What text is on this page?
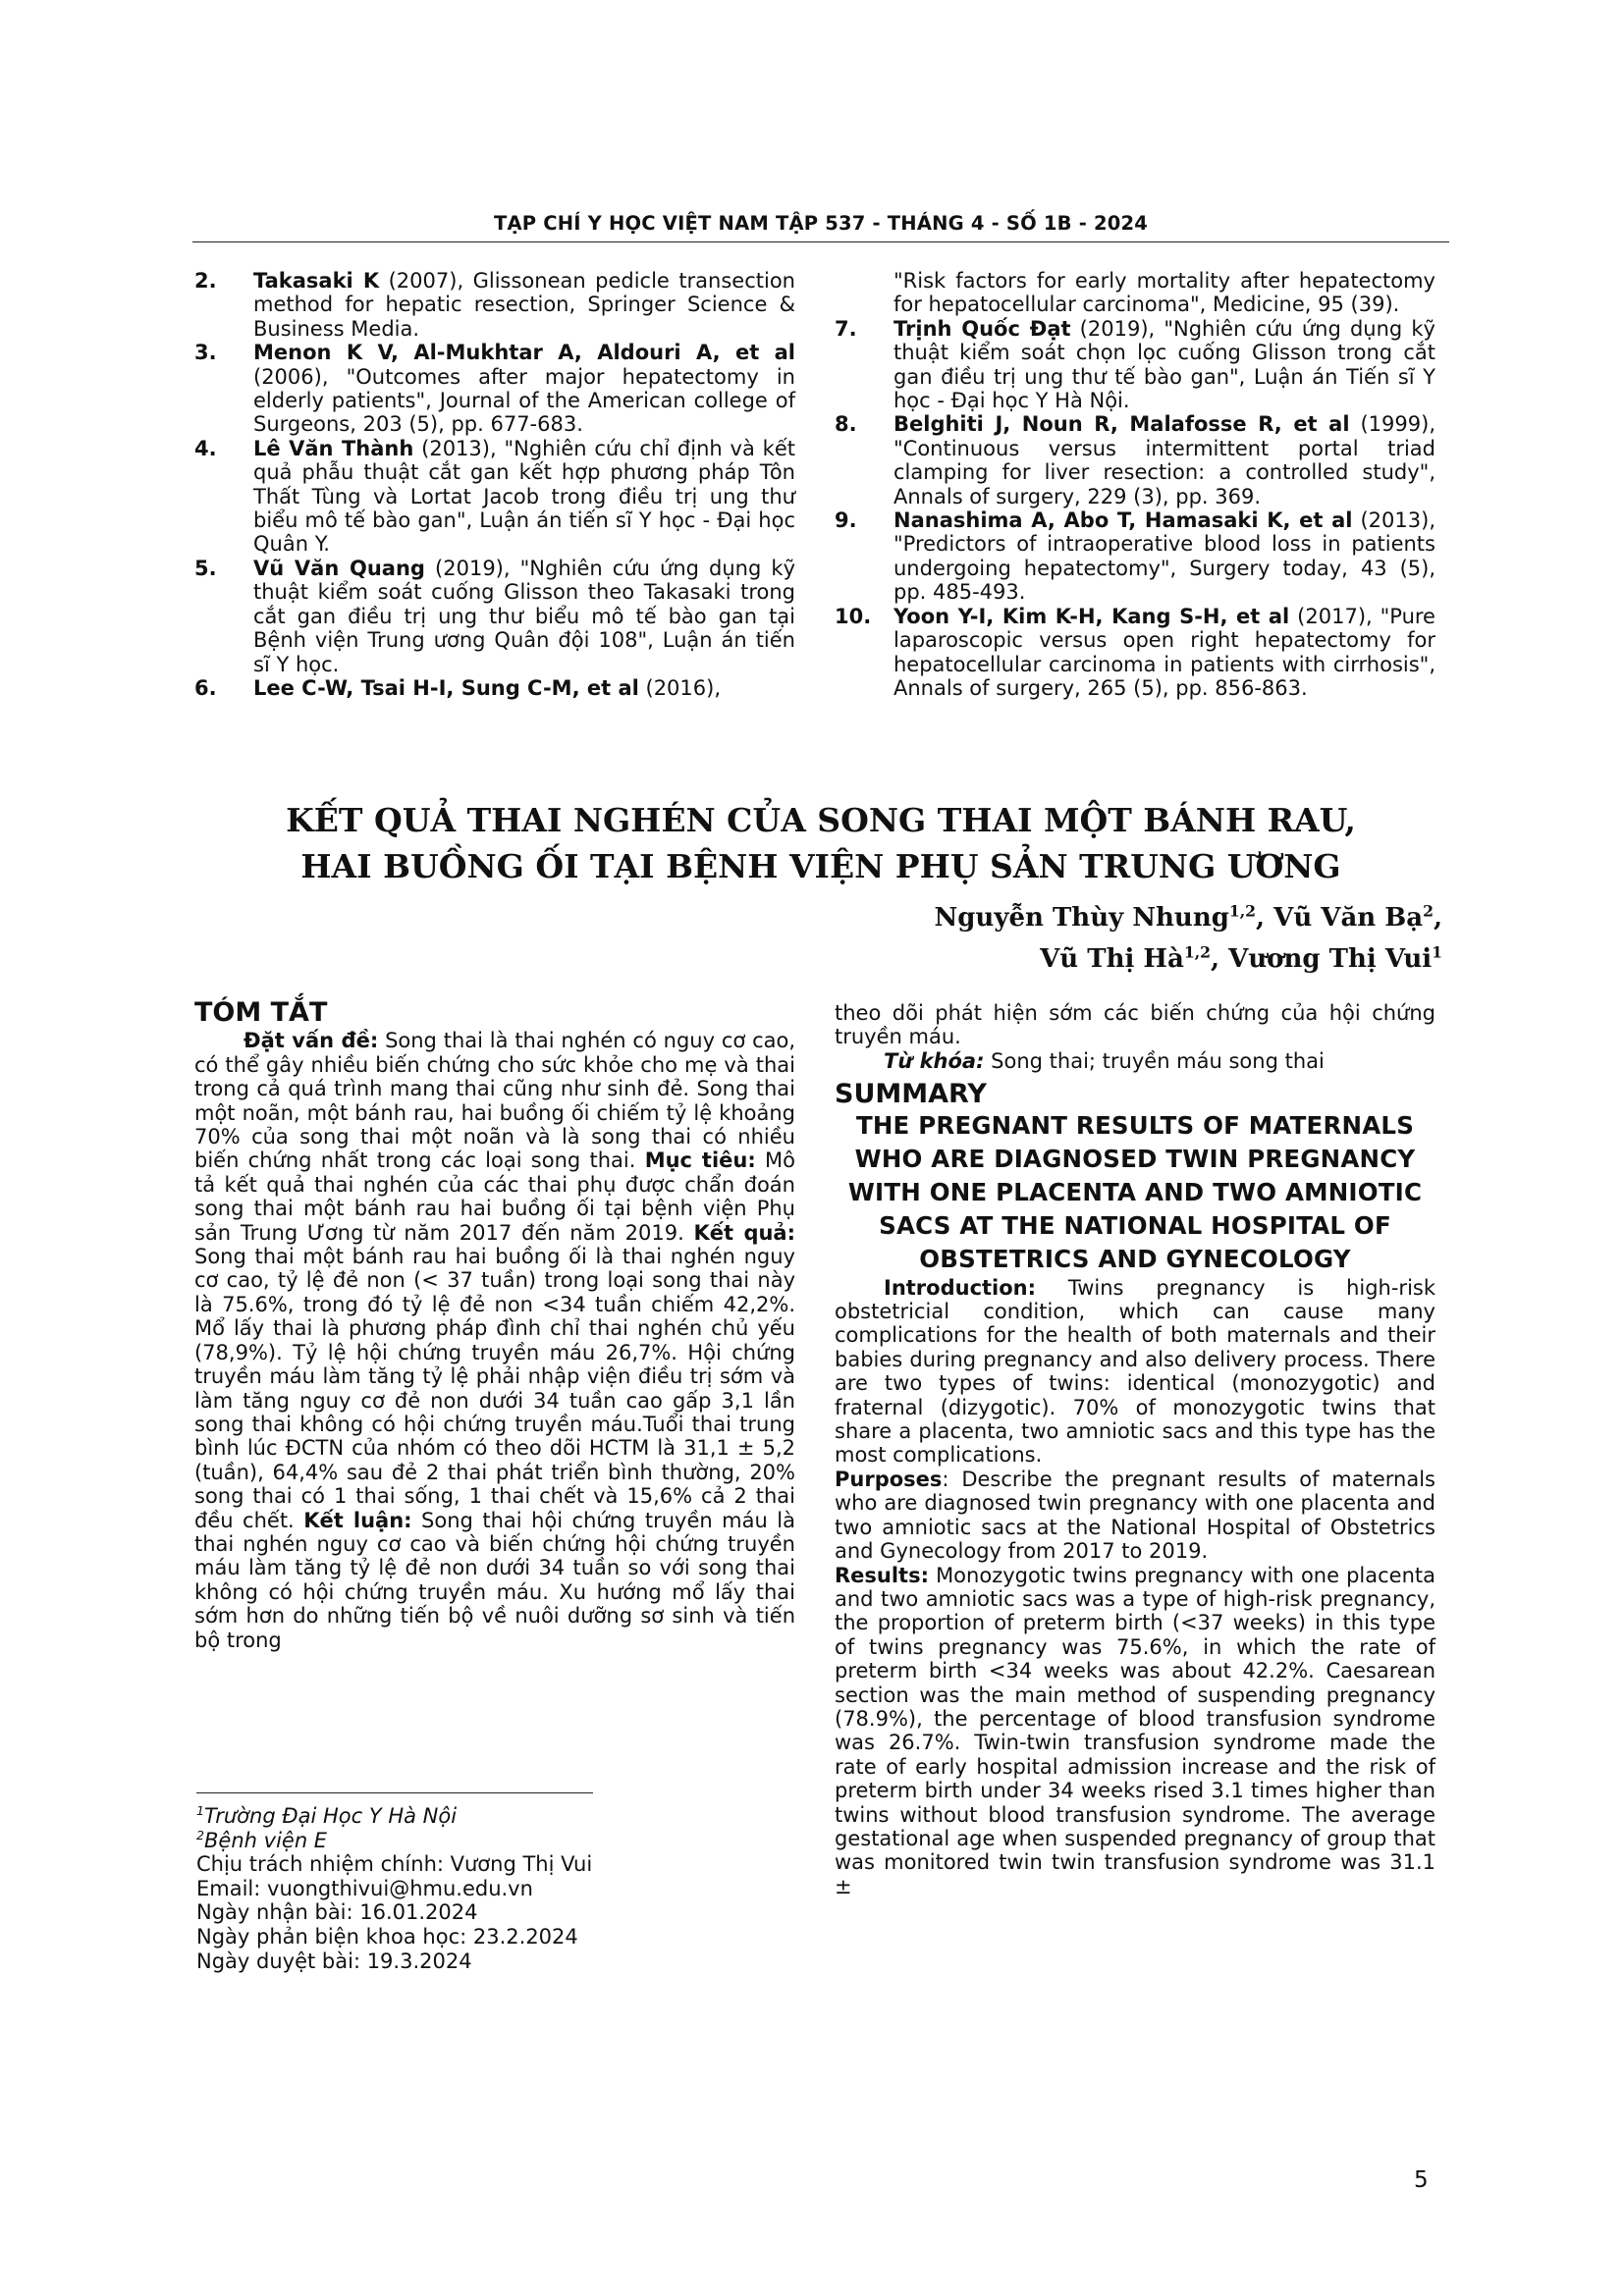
TẠP CHÍ Y HỌC VIỆT NAM TẬP 537 - THÁNG 4 - SỐ 1B - 2024
2. Takasaki K (2007), Glissonean pedicle transection method for hepatic resection, Springer Science & Business Media.
3. Menon K V, Al-Mukhtar A, Aldouri A, et al (2006), "Outcomes after major hepatectomy in elderly patients", Journal of the American college of Surgeons, 203 (5), pp. 677-683.
4. Lê Văn Thành (2013), "Nghiên cứu chỉ định và kết quả phẫu thuật cắt gan kết hợp phương pháp Tôn Thất Tùng và Lortat Jacob trong điều trị ung thư biểu mô tế bào gan", Luận án tiến sĩ Y học - Đại học Quân Y.
5. Vũ Văn Quang (2019), "Nghiên cứu ứng dụng kỹ thuật kiểm soát cuống Glisson theo Takasaki trong cắt gan điều trị ung thư biểu mô tế bào gan tại Bệnh viện Trung ương Quân đội 108", Luận án tiến sĩ Y học.
6. Lee C-W, Tsai H-I, Sung C-M, et al (2016),
"Risk factors for early mortality after hepatectomy for hepatocellular carcinoma", Medicine, 95 (39).
7. Trịnh Quốc Đạt (2019), "Nghiên cứu ứng dụng kỹ thuật kiểm soát chọn lọc cuống Glisson trong cắt gan điều trị ung thư tế bào gan", Luận án Tiến sĩ Y học - Đại học Y Hà Nội.
8. Belghiti J, Noun R, Malafosse R, et al (1999), "Continuous versus intermittent portal triad clamping for liver resection: a controlled study", Annals of surgery, 229 (3), pp. 369.
9. Nanashima A, Abo T, Hamasaki K, et al (2013), "Predictors of intraoperative blood loss in patients undergoing hepatectomy", Surgery today, 43 (5), pp. 485-493.
10. Yoon Y-I, Kim K-H, Kang S-H, et al (2017), "Pure laparoscopic versus open right hepatectomy for hepatocellular carcinoma in patients with cirrhosis", Annals of surgery, 265 (5), pp. 856-863.
KẾT QUẢ THAI NGHÉN CỦA SONG THAI MỘT BÁNH RAU,
HAI BUỒNG ỐI TẠI BỆNH VIỆN PHỤ SẢN TRUNG ƯƠNG
Nguyễn Thùy Nhung$^{1,2}$, Vũ Văn Bạ$^2$,
Vũ Thị Hà$^{1,2}$, Vương Thị Vui$^1$
TÓM TẮT

Đặt vấn đề: Song thai là thai nghén có nguy cơ cao, có thể gây nhiều biến chứng cho sức khỏe cho mẹ và thai trong cả quá trình mang thai cũng như sinh đẻ. Song thai một noãn, một bánh rau, hai buồng ối chiếm tỷ lệ khoảng 70% của song thai một noãn và là song thai có nhiều biến chứng nhất trong các loại song thai. Mục tiêu: Mô tả kết quả thai nghén của các thai phụ được chẩn đoán song thai một bánh rau hai buồng ối tại bệnh viện Phụ sản Trung Ương từ năm 2017 đến năm 2019. Kết quả: Song thai một bánh rau hai buồng ối là thai nghén nguy cơ cao, tỷ lệ đẻ non (< 37 tuần) trong loại song thai này là 75.6%, trong đó tỷ lệ đẻ non <34 tuần chiếm 42,2%. Mổ lấy thai là phương pháp đình chỉ thai nghén chủ yếu (78,9%). Tỷ lệ hội chứng truyền máu 26,7%. Hội chứng truyền máu làm tăng tỷ lệ phải nhập viện điều trị sớm và làm tăng nguy cơ đẻ non dưới 34 tuần cao gấp 3,1 lần song thai không có hội chứng truyền máu.Tuổi thai trung bình lúc ĐCTN của nhóm có theo dõi HCTM là 31,1 ± 5,2 (tuần), 64,4% sau đẻ 2 thai phát triển bình thường, 20% song thai có 1 thai sống, 1 thai chết và 15,6% cả 2 thai đều chết. Kết luận: Song thai hội chứng truyền máu là thai nghén nguy cơ cao và biến chứng hội chứng truyền máu làm tăng tỷ lệ đẻ non dưới 34 tuần so với song thai không có hội chứng truyền máu. Xu hướng mổ lấy thai sớm hơn do những tiến bộ về nuôi dưỡng sơ sinh và tiến bộ trong

theo dõi phát hiện sớm các biến chứng của hội chứng truyền máu.

Từ khóa: Song thai; truyền máu song thai

SUMMARY
THE PREGNANT RESULTS OF MATERNALS WHO ARE DIAGNOSED TWIN PREGNANCY WITH ONE PLACENTA AND TWO AMNIOTIC SACS AT THE NATIONAL HOSPITAL OF OBSTETRICS AND GYNECOLOGY

Introduction: Twins pregnancy is high-risk obstetricial condition, which can cause many complications for the health of both maternals and their babies during pregnancy and also delivery process. There are two types of twins: identical (monozygotic) and fraternal (dizygotic). 70% of monozygotic twins that share a placenta, two amniotic sacs and this type has the most complications.
Purposes: Describe the pregnant results of maternals who are diagnosed twin pregnancy with one placenta and two amniotic sacs at the National Hospital of Obstetrics and Gynecology from 2017 to 2019.
Results: Monozygotic twins pregnancy with one placenta and two amniotic sacs was a type of high-risk pregnancy, the proportion of preterm birth (<37 weeks) in this type of twins pregnancy was 75.6%, in which the rate of preterm birth <34 weeks was about 42.2%. Caesarean section was the main method of suspending pregnancy (78.9%), the percentage of blood transfusion syndrome was 26.7%. Twin-twin transfusion syndrome made the rate of early hospital admission increase and the risk of preterm birth under 34 weeks rised 3.1 times higher than twins without blood transfusion syndrome. The average gestational age when suspended pregnancy of group that was monitored twin twin transfusion syndrome was 31.1 ±

$^1$Trường Đại Học Y Hà Nội
$^2$Bệnh viện E
Chịu trách nhiệm chính: Vương Thị Vui
Email: vuongthivui@hmu.edu.vn
Ngày nhận bài: 16.01.2024
Ngày phản biện khoa học: 23.2.2024
Ngày duyệt bài: 19.3.2024
5
